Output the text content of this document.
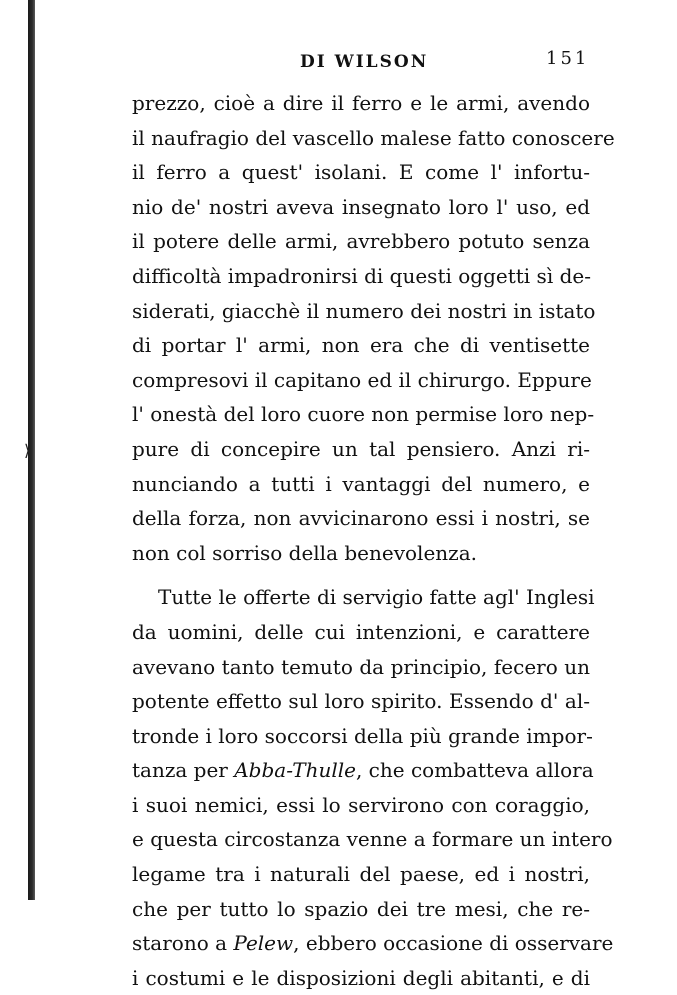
⟩
DI WILSON	151
prezzo, cioè a dire il ferro e le armi, avendo
il naufragio del vascello malese fatto conoscere
il ferro a quest' isolani. E come l' infortu-
nio de' nostri aveva insegnato loro l' uso, ed
il potere delle armi, avrebbero potuto senza
difficoltà impadronirsi di questi oggetti sì de-
siderati, giacchè il numero dei nostri in istato
di portar l' armi, non era che di ventisette
compresovi il capitano ed il chirurgo. Eppure
l' onestà del loro cuore non permise loro nep-
pure di concepire un tal pensiero. Anzi ri-
nunciando a tutti i vantaggi del numero, e
della forza, non avvicinarono essi i nostri, se
non col sorriso della benevolenza.
Tutte le offerte di servigio fatte agl' Inglesi
da uomini, delle cui intenzioni, e carattere
avevano tanto temuto da principio, fecero un
potente effetto sul loro spirito. Essendo d' al-
tronde i loro soccorsi della più grande impor-
tanza per Abba-Thulle, che combatteva allora
i suoi nemici, essi lo servirono con coraggio,
e questa circostanza venne a formare un intero
legame tra i naturali del paese, ed i nostri,
che per tutto lo spazio dei tre mesi, che re-
starono a Pelew, ebbero occasione di osservare
i costumi e le disposizioni degli abitanti, e di
